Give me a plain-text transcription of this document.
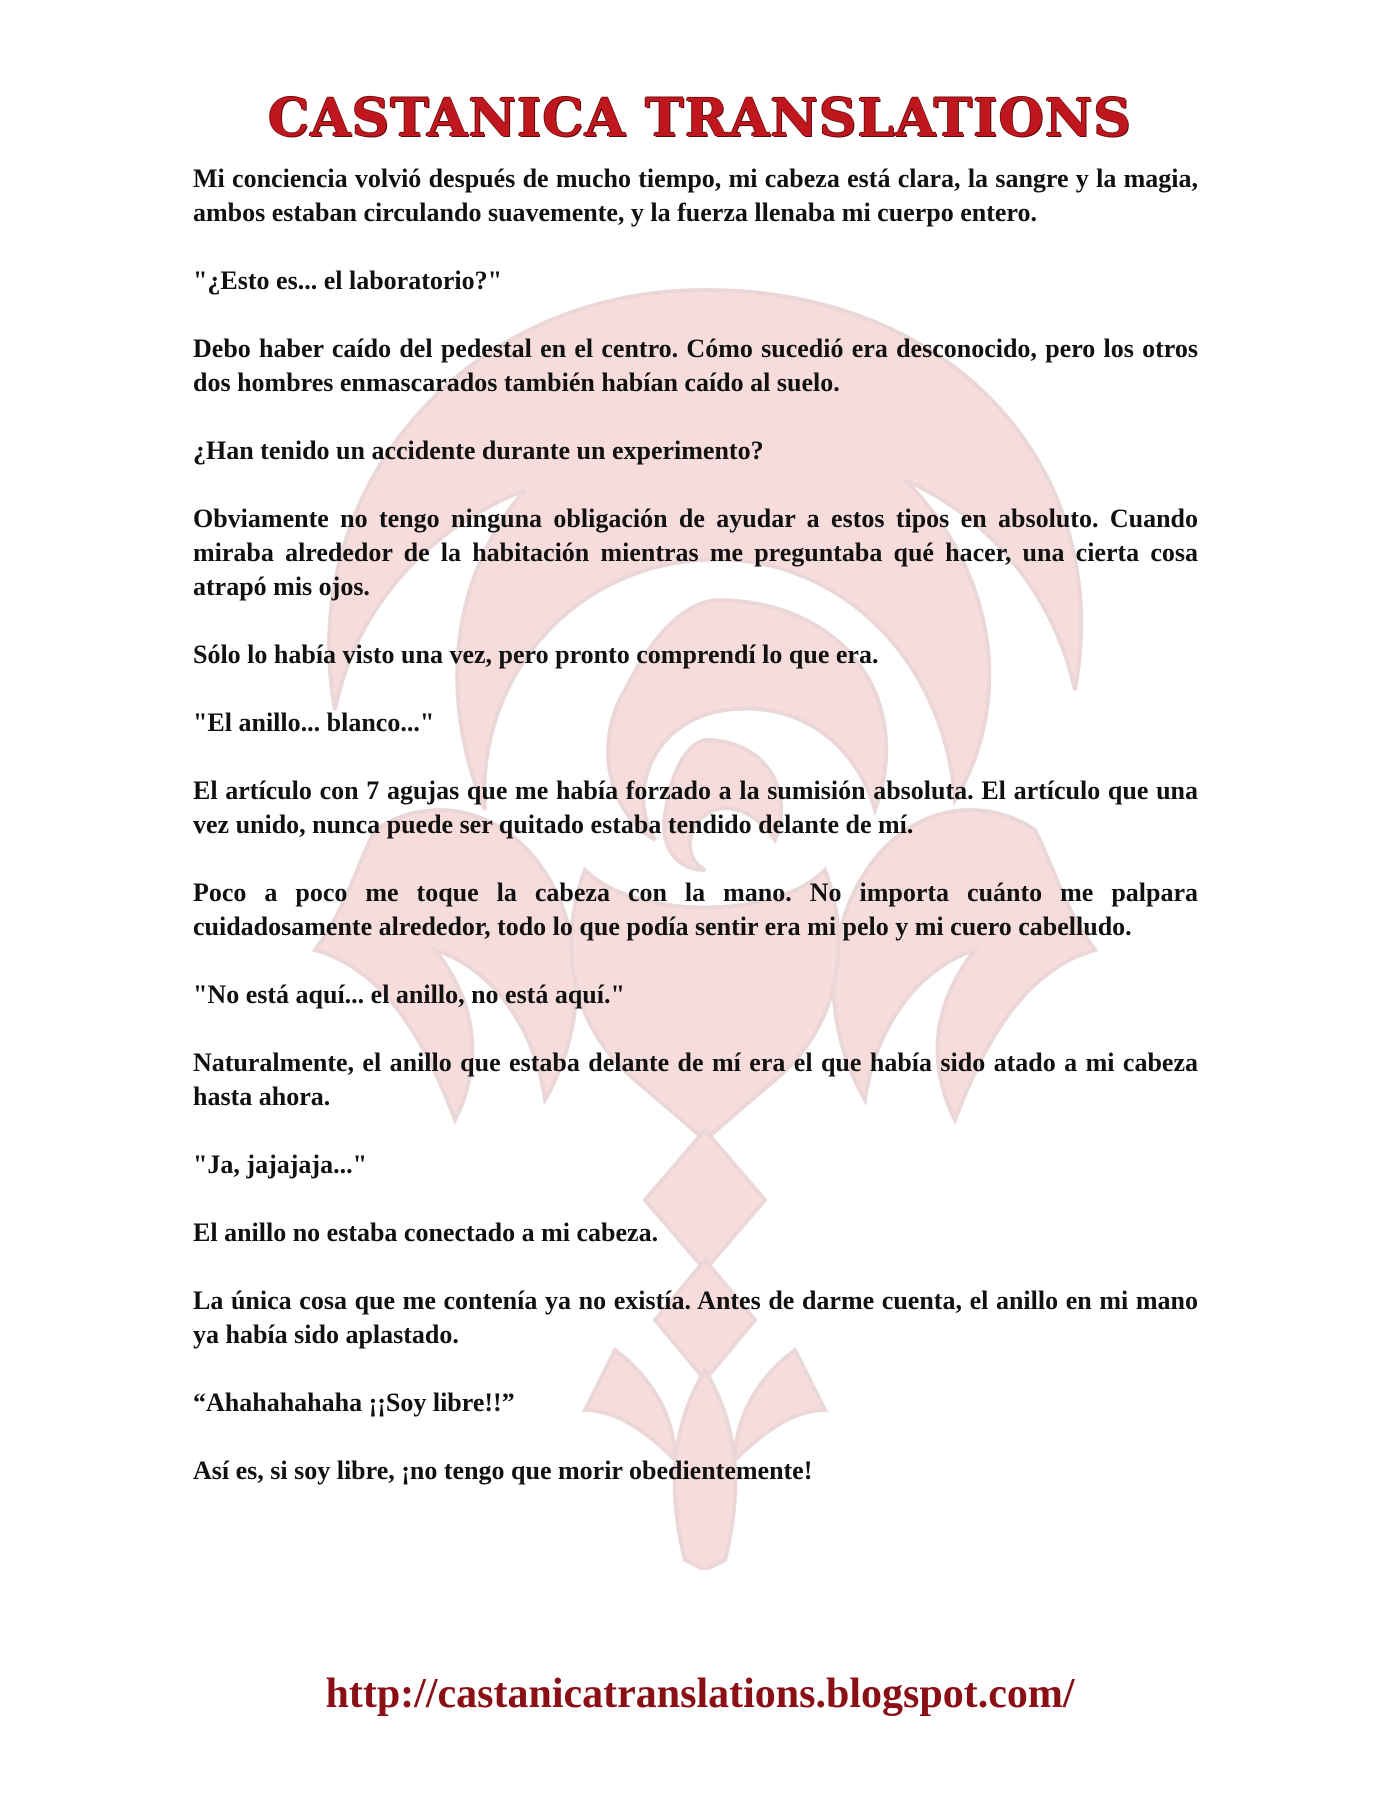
CASTANICA TRANSLATIONS

Mi conciencia volvió después de mucho tiempo, mi cabeza está clara, la sangre y la magia, ambos estaban circulando suavemente, y la fuerza llenaba mi cuerpo entero.

"¿Esto es... el laboratorio?"

Debo haber caído del pedestal en el centro. Cómo sucedió era desconocido, pero los otros dos hombres enmascarados también habían caído al suelo.

¿Han tenido un accidente durante un experimento?

Obviamente no tengo ninguna obligación de ayudar a estos tipos en absoluto. Cuando miraba alrededor de la habitación mientras me preguntaba qué hacer, una cierta cosa atrapó mis ojos.

Sólo lo había visto una vez, pero pronto comprendí lo que era.

"El anillo... blanco..."

El artículo con 7 agujas que me había forzado a la sumisión absoluta. El artículo que una vez unido, nunca puede ser quitado estaba tendido delante de mí.

Poco a poco me toque la cabeza con la mano. No importa cuánto me palpara cuidadosamente alrededor, todo lo que podía sentir era mi pelo y mi cuero cabelludo.

"No está aquí... el anillo, no está aquí."

Naturalmente, el anillo que estaba delante de mí era el que había sido atado a mi cabeza hasta ahora.

"Ja, jajajaja..."

El anillo no estaba conectado a mi cabeza.

La única cosa que me contenía ya no existía. Antes de darme cuenta, el anillo en mi mano ya había sido aplastado.

“Ahahahahaha ¡¡Soy libre!!”

Así es, si soy libre, ¡no tengo que morir obedientemente!

http://castanicatranslations.blogspot.com/
